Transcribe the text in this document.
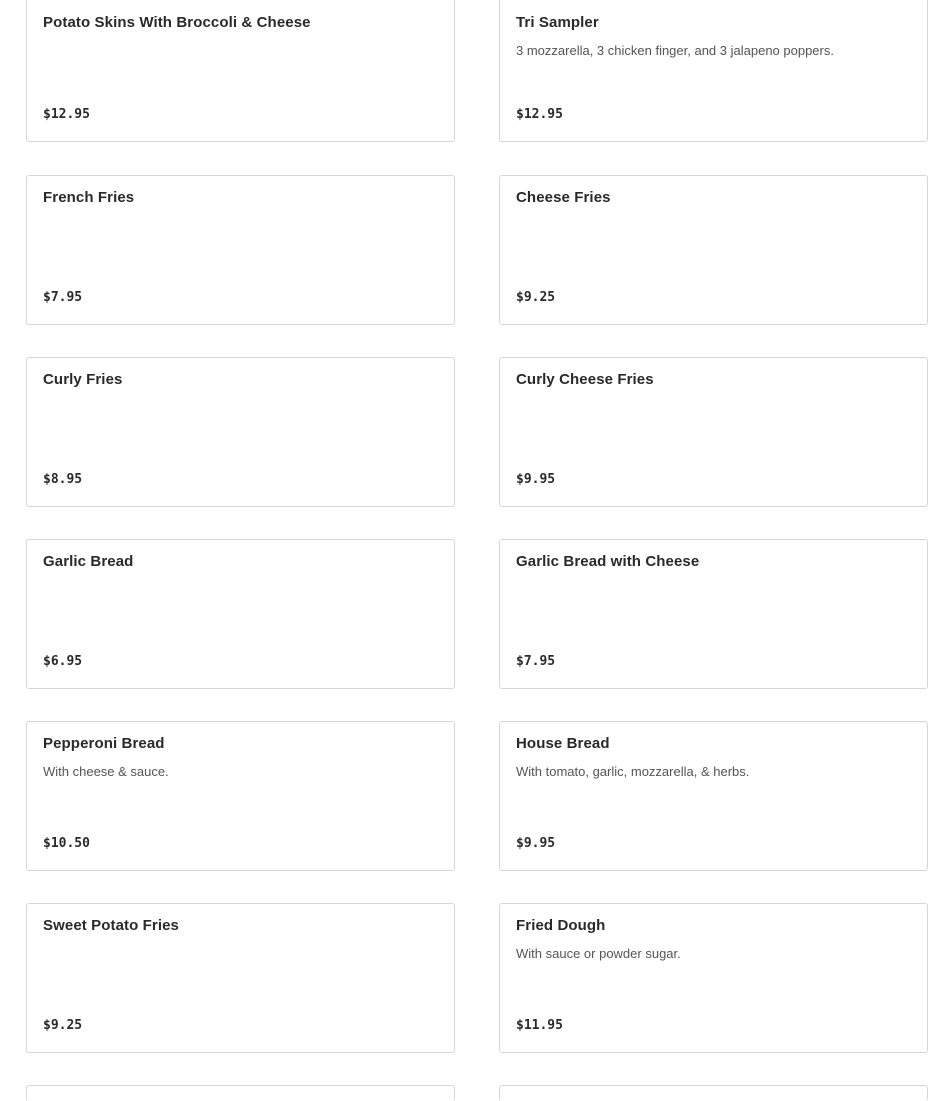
Potato Skins With Broccoli & Cheese
$12.95
Tri Sampler
3 mozzarella, 3 chicken finger, and 3 jalapeno poppers.
$12.95
French Fries
$7.95
Cheese Fries
$9.25
Curly Fries
$8.95
Curly Cheese Fries
$9.95
Garlic Bread
$6.95
Garlic Bread with Cheese
$7.95
Pepperoni Bread
With cheese & sauce.
$10.50
House Bread
With tomato, garlic, mozzarella, & herbs.
$9.95
Sweet Potato Fries
$9.25
Fried Dough
With sauce or powder sugar.
$11.95
